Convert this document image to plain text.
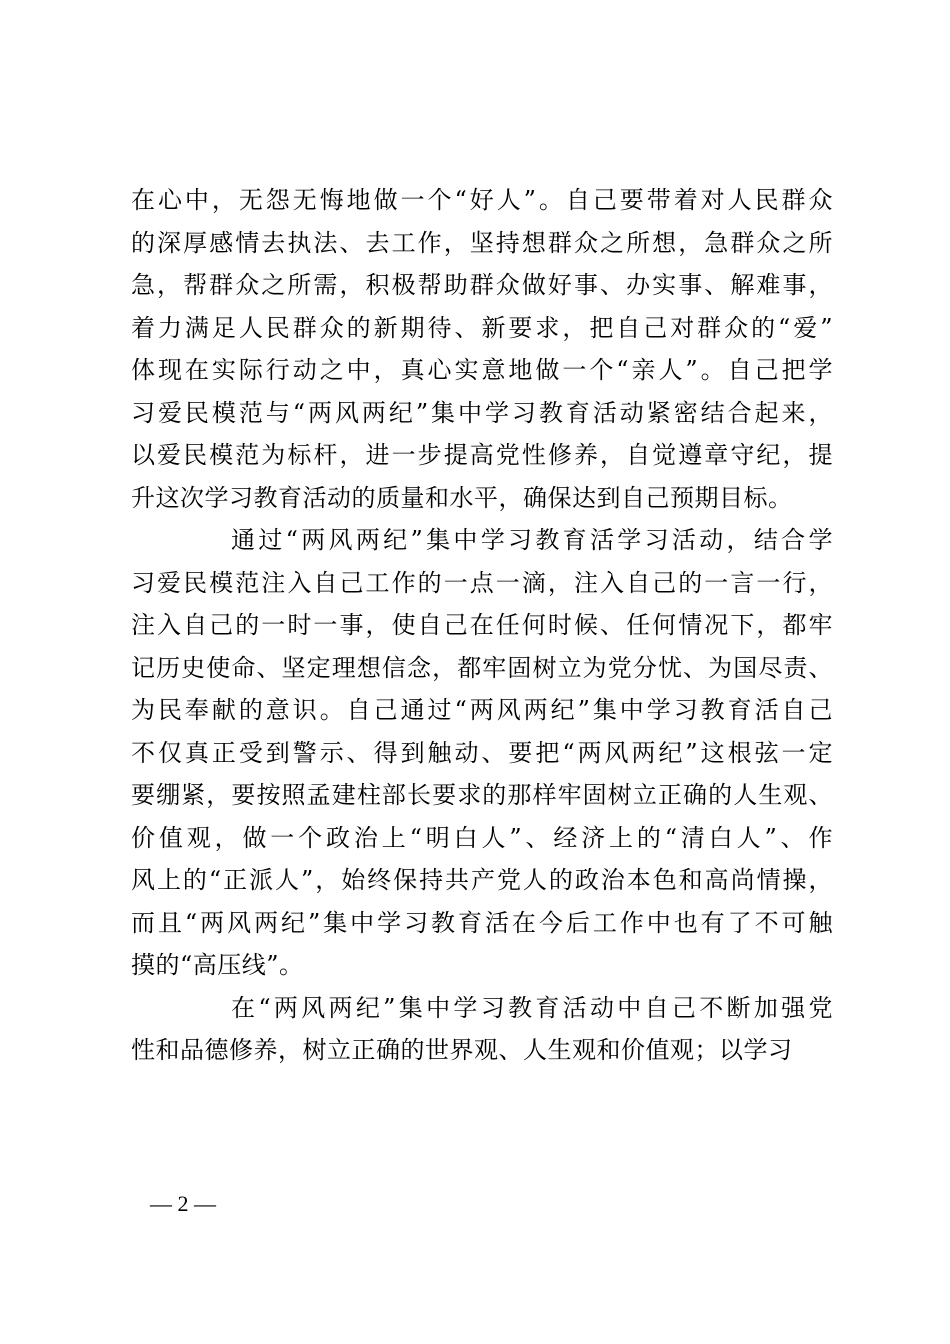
在心中，无怨无悔地做一个“好人”。自己要带着对人民群众
的深厚感情去执法、去工作，坚持想群众之所想，急群众之所
急，帮群众之所需，积极帮助群众做好事、办实事、解难事，
着力满足人民群众的新期待、新要求，把自己对群众的“爱”
体现在实际行动之中，真心实意地做一个“亲人”。自己把学
习爱民模范与“两风两纪”集中学习教育活动紧密结合起来，
以爱民模范为标杆，进一步提高党性修养，自觉遵章守纪，提
升这次学习教育活动的质量和水平，确保达到自己预期目标。
通过“两风两纪”集中学习教育活学习活动，结合学
习爱民模范注入自己工作的一点一滴，注入自己的一言一行，
注入自己的一时一事，使自己在任何时候、任何情况下，都牢
记历史使命、坚定理想信念，都牢固树立为党分忧、为国尽责、
为民奉献的意识。自己通过“两风两纪”集中学习教育活自己
不仅真正受到警示、得到触动、要把“两风两纪”这根弦一定
要绷紧，要按照孟建柱部长要求的那样牢固树立正确的人生观、
价值观，做一个政治上“明白人”、经济上的“清白人”、作
风上的“正派人”，始终保持共产党人的政治本色和高尚情操，
而且“两风两纪”集中学习教育活在今后工作中也有了不可触
摸的“高压线”。
在“两风两纪”集中学习教育活动中自己不断加强党
性和品德修养，树立正确的世界观、人生观和价值观；以学习
— 2 —
